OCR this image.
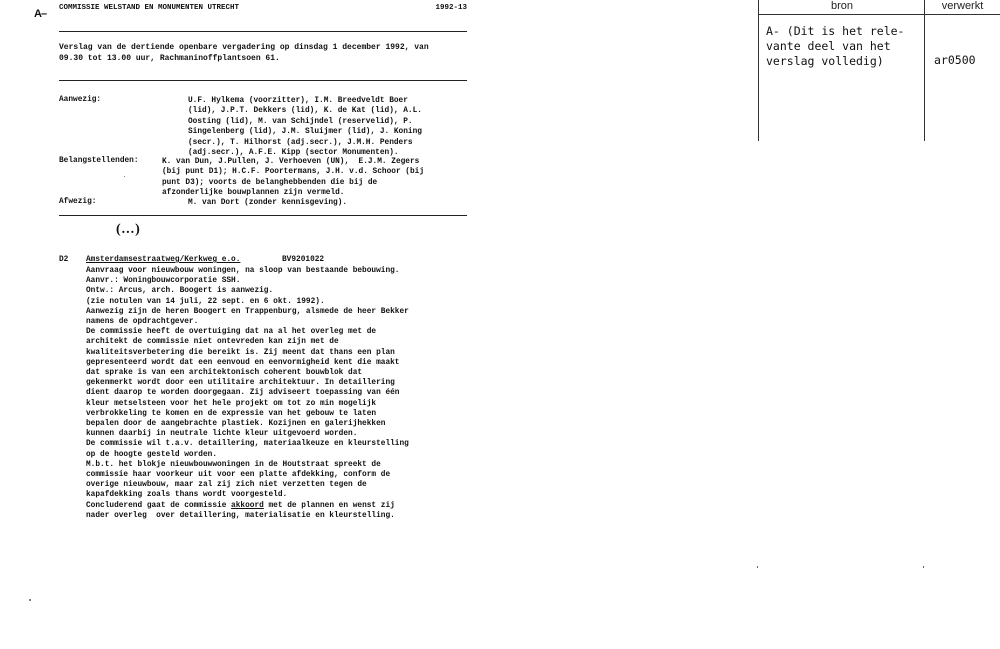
A– COMMISSIE WELSTAND EN MONUMENTEN UTRECHT	1992-13
Verslag van de dertiende openbare vergadering op dinsdag 1 december 1992, van
09.30 tot 13.00 uur, Rachmaninoffplantsoen 61.
Aanwezig:	U.F. Hylkema (voorzitter), I.M. Breedveldt Boer
(lid), J.P.T. Dekkers (lid), K. de Kat (lid), A.L.
Oosting (lid), M. van Schijndel (reservelid), P.
Singelenberg (lid), J.M. Sluijmer (lid), J. Koning
(secr.), T. Hilhorst (adj.secr.), J.M.H. Penders
(adj.secr.), A.F.E. Kipp (sector Monumenten).
Belangstellenden:	K. van Dun, J.Pullen, J. Verhoeven (UN),  E.J.M. Zegers
(bij punt D1); H.C.F. Poortermans, J.H. v.d. Schoor (bij
punt D3); voorts de belanghebbenden die bij de
afzonderlijke bouwplannen zijn vermeld.
Afwezig:	M. van Dort (zonder kennisgeving).
(...)
D2 Amsterdamsestraatweg/Kerkweg e.o.	BV9201022
Aanvraag voor nieuwbouw woningen, na sloop van bestaande bebouwing.
Aanvr.: Woningbouwcorporatie SSH.
Ontw.: Arcus, arch. Boogert is aanwezig.
(zie notulen van 14 juli, 22 sept. en 6 okt. 1992).
Aanwezig zijn de heren Boogert en Trappenburg, alsmede de heer Bekker
namens de opdrachtgever.
De commissie heeft de overtuiging dat na al het overleg met de
architekt de commissie niet ontevreden kan zijn met de
kwaliteitsverbetering die bereikt is. Zij meent dat thans een plan
gepresenteerd wordt dat een eenvoud en eenvormigheid kent die maakt
dat sprake is van een architektonisch coherent bouwblok dat
gekenmerkt wordt door een utilitaire architektuur. In detaillering
dient daarop te worden doorgegaan. Zij adviseert toepassing van één
kleur metselsteen voor het hele projekt om tot zo min mogelijk
verbrokkeling te komen en de expressie van het gebouw te laten
bepalen door de aangebrachte plastiek. Kozijnen en galerijhekken
kunnen daarbij in neutrale lichte kleur uitgevoerd worden.
De commissie wil t.a.v. detaillering, materiaalkeuze en kleurstelling
op de hoogte gesteld worden.
M.b.t. het blokje nieuwbouwwoningen in de Houtstraat spreekt de
commissie haar voorkeur uit voor een platte afdekking, conform de
overige nieuwbouw, maar zal zij zich niet verzetten tegen de
kapafdekking zoals thans wordt voorgesteld.
Concluderend gaat de commissie akkoord met de plannen en wenst zij
nader overleg  over detaillering, materialisatie en kleurstelling.
bron	verwerkt
A- (Dit is het rele-
vante deel van het
verslag volledig)	ar0500
